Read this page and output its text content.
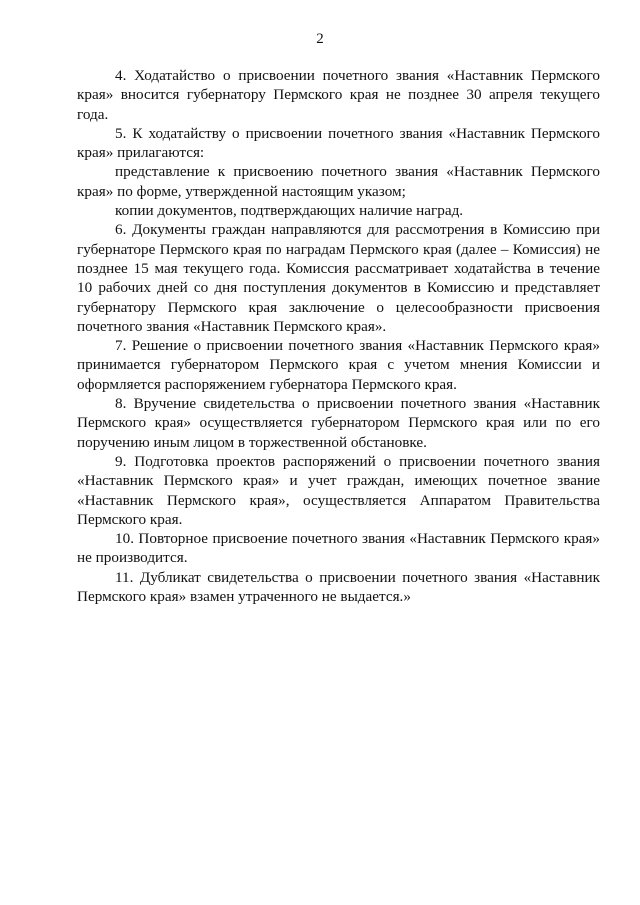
2

4. Ходатайство о присвоении почетного звания «Наставник Пермского края» вносится губернатору Пермского края не позднее 30 апреля текущего года.

5. К ходатайству о присвоении почетного звания «Наставник Пермского края» прилагаются:

представление к присвоению почетного звания «Наставник Пермского края» по форме, утвержденной настоящим указом;

копии документов, подтверждающих наличие наград.

6. Документы граждан направляются для рассмотрения в Комиссию при губернаторе Пермского края по наградам Пермского края (далее – Комиссия) не позднее 15 мая текущего года. Комиссия рассматривает ходатайства в течение 10 рабочих дней со дня поступления документов в Комиссию и представляет губернатору Пермского края заключение о целесообразности присвоения почетного звания «Наставник Пермского края».

7. Решение о присвоении почетного звания «Наставник Пермского края» принимается губернатором Пермского края с учетом мнения Комиссии и оформляется распоряжением губернатора Пермского края.

8. Вручение свидетельства о присвоении почетного звания «Наставник Пермского края» осуществляется губернатором Пермского края или по его поручению иным лицом в торжественной обстановке.

9. Подготовка проектов распоряжений о присвоении почетного звания «Наставник Пермского края» и учет граждан, имеющих почетное звание «Наставник Пермского края», осуществляется Аппаратом Правительства Пермского края.

10. Повторное присвоение почетного звания «Наставник Пермского края» не производится.

11. Дубликат свидетельства о присвоении почетного звания «Наставник Пермского края» взамен утраченного не выдается.»
